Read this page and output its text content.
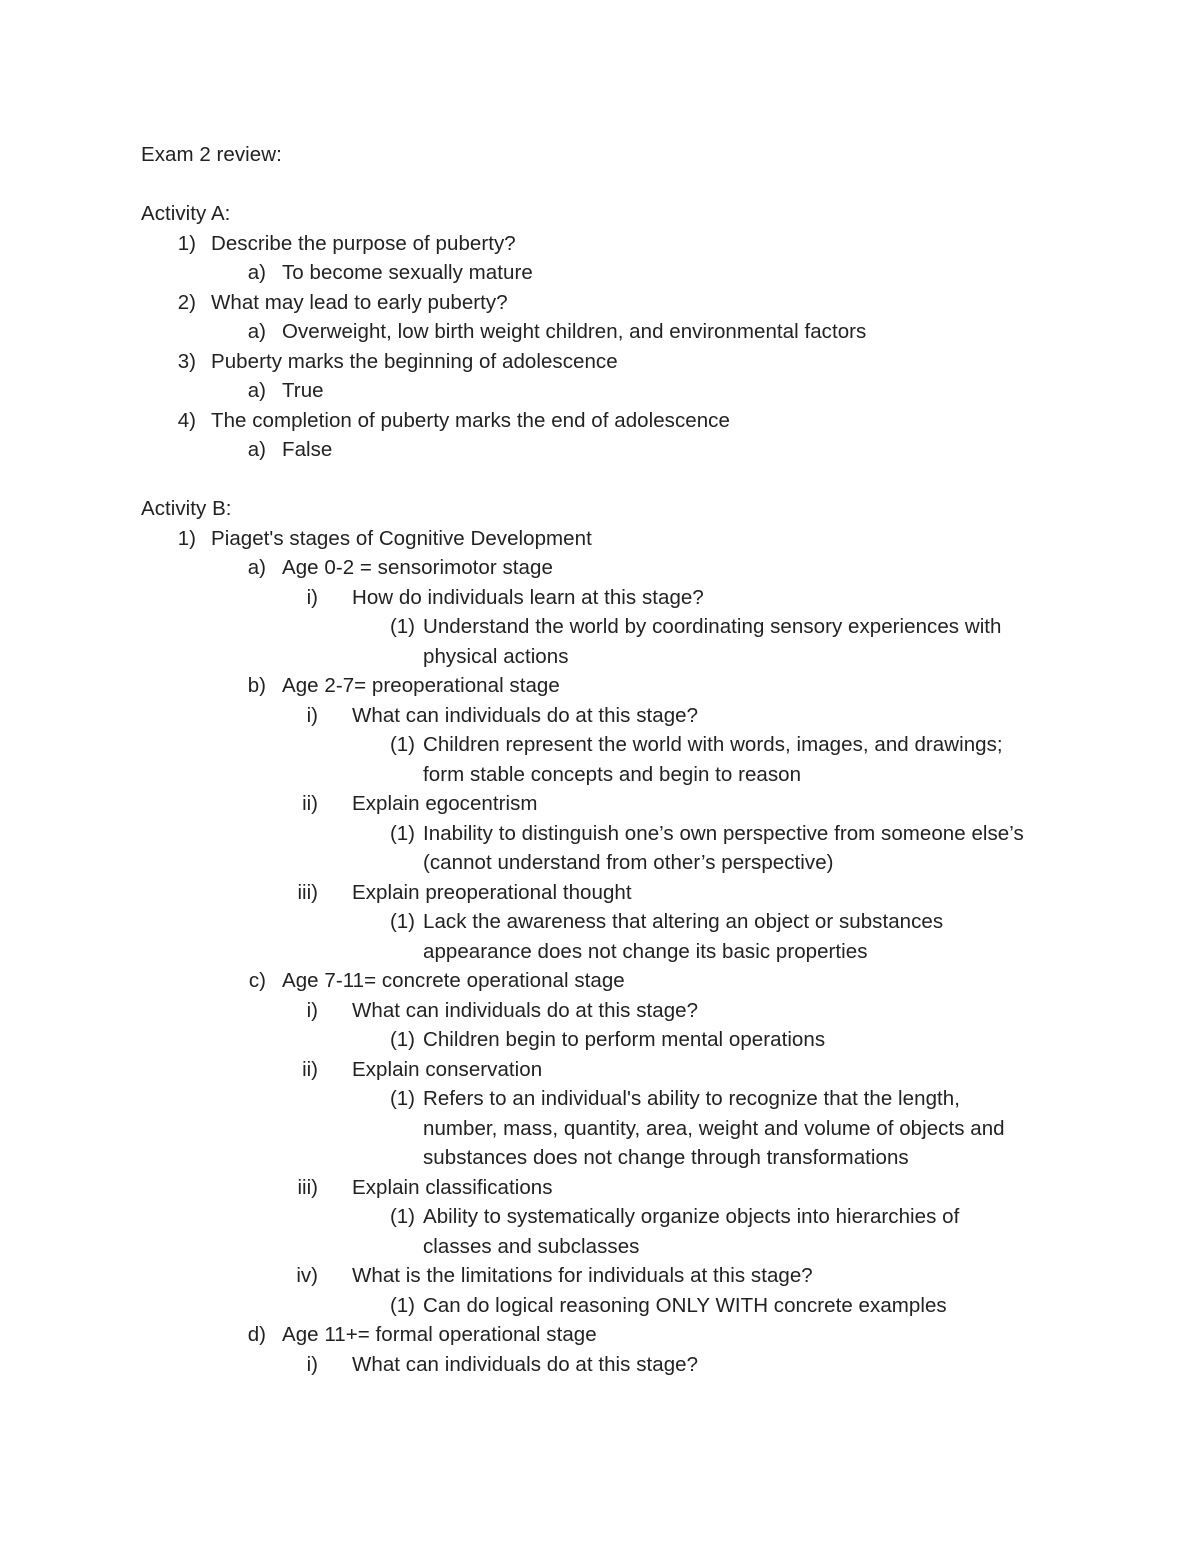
Exam 2 review:
Activity A:
1) Describe the purpose of puberty?
a) To become sexually mature
2) What may lead to early puberty?
a) Overweight, low birth weight children, and environmental factors
3) Puberty marks the beginning of adolescence
a) True
4) The completion of puberty marks the end of adolescence
a) False
Activity B:
1) Piaget's stages of Cognitive Development
a) Age 0-2 = sensorimotor stage
i) How do individuals learn at this stage?
(1) Understand the world by coordinating sensory experiences with
physical actions
b) Age 2-7= preoperational stage
i) What can individuals do at this stage?
(1) Children represent the world with words, images, and drawings;
form stable concepts and begin to reason
ii) Explain egocentrism
(1) Inability to distinguish one’s own perspective from someone else’s
(cannot understand from other’s perspective)
iii) Explain preoperational thought
(1) Lack the awareness that altering an object or substances
appearance does not change its basic properties
c) Age 7-11= concrete operational stage
i) What can individuals do at this stage?
(1) Children begin to perform mental operations
ii) Explain conservation
(1) Refers to an individual's ability to recognize that the length,
number, mass, quantity, area, weight and volume of objects and
substances does not change through transformations
iii) Explain classifications
(1) Ability to systematically organize objects into hierarchies of
classes and subclasses
iv) What is the limitations for individuals at this stage?
(1) Can do logical reasoning ONLY WITH concrete examples
d) Age 11+= formal operational stage
i) What can individuals do at this stage?
